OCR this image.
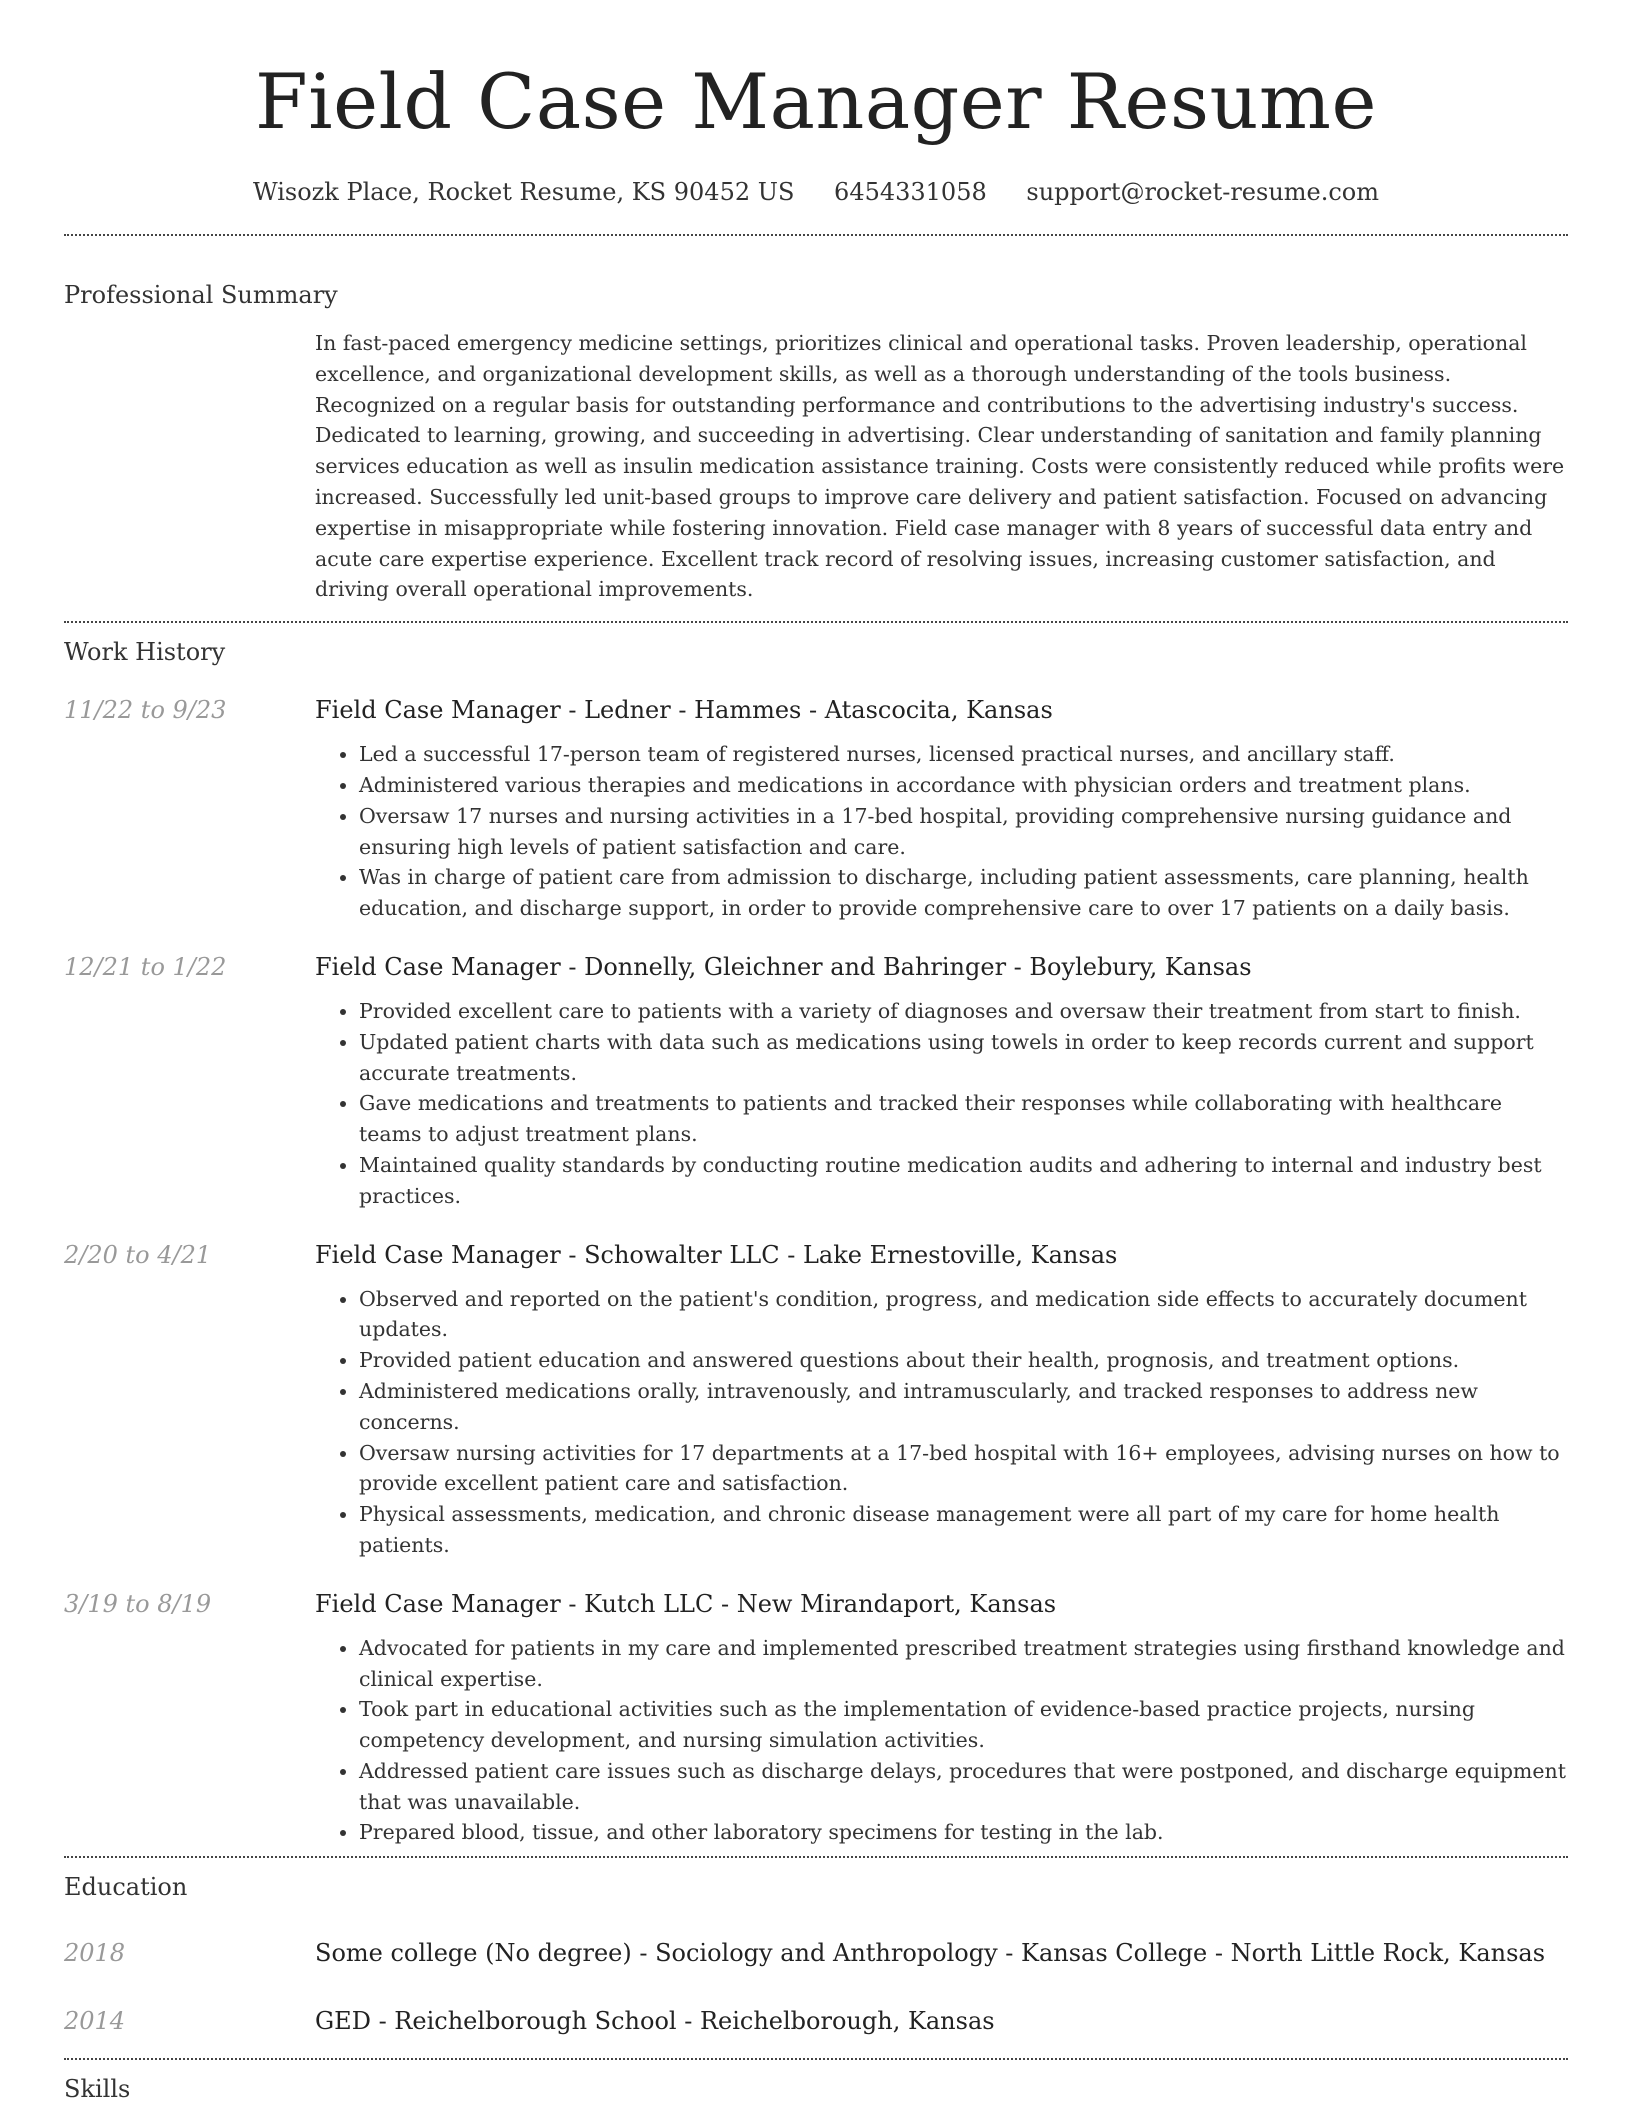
Field Case Manager Resume
Wisozk Place, Rocket Resume, KS 90452 US 6454331058 support@rocket-resume.com
Professional Summary

In fast-paced emergency medicine settings, prioritizes clinical and operational tasks. Proven leadership, operational excellence, and organizational development skills, as well as a thorough understanding of the tools business. Recognized on a regular basis for outstanding performance and contributions to the advertising industry's success. Dedicated to learning, growing, and succeeding in advertising. Clear understanding of sanitation and family planning services education as well as insulin medication assistance training. Costs were consistently reduced while profits were increased. Successfully led unit-based groups to improve care delivery and patient satisfaction. Focused on advancing expertise in misappropriate while fostering innovation. Field case manager with 8 years of successful data entry and acute care expertise experience. Excellent track record of resolving issues, increasing customer satisfaction, and driving overall operational improvements.

Work History
11/22 to 9/23	Field Case Manager - Ledner - Hammes - Atascocita, Kansas
• Led a successful 17-person team of registered nurses, licensed practical nurses, and ancillary staff.
• Administered various therapies and medications in accordance with physician orders and treatment plans.
• Oversaw 17 nurses and nursing activities in a 17-bed hospital, providing comprehensive nursing guidance and ensuring high levels of patient satisfaction and care.
• Was in charge of patient care from admission to discharge, including patient assessments, care planning, health education, and discharge support, in order to provide comprehensive care to over 17 patients on a daily basis.
12/21 to 1/22	Field Case Manager - Donnelly, Gleichner and Bahringer - Boylebury, Kansas
• Provided excellent care to patients with a variety of diagnoses and oversaw their treatment from start to finish.
• Updated patient charts with data such as medications using towels in order to keep records current and support accurate treatments.
• Gave medications and treatments to patients and tracked their responses while collaborating with healthcare teams to adjust treatment plans.
• Maintained quality standards by conducting routine medication audits and adhering to internal and industry best practices.
2/20 to 4/21	Field Case Manager - Schowalter LLC - Lake Ernestoville, Kansas
• Observed and reported on the patient's condition, progress, and medication side effects to accurately document updates.
• Provided patient education and answered questions about their health, prognosis, and treatment options.
• Administered medications orally, intravenously, and intramuscularly, and tracked responses to address new concerns.
• Oversaw nursing activities for 17 departments at a 17-bed hospital with 16+ employees, advising nurses on how to provide excellent patient care and satisfaction.
• Physical assessments, medication, and chronic disease management were all part of my care for home health patients.
3/19 to 8/19	Field Case Manager - Kutch LLC - New Mirandaport, Kansas
• Advocated for patients in my care and implemented prescribed treatment strategies using firsthand knowledge and clinical expertise.
• Took part in educational activities such as the implementation of evidence-based practice projects, nursing competency development, and nursing simulation activities.
• Addressed patient care issues such as discharge delays, procedures that were postponed, and discharge equipment that was unavailable.
• Prepared blood, tissue, and other laboratory specimens for testing in the lab.
Education
2018	Some college (No degree) - Sociology and Anthropology - Kansas College - North Little Rock, Kansas
2014	GED - Reichelborough School - Reichelborough, Kansas
Skills
